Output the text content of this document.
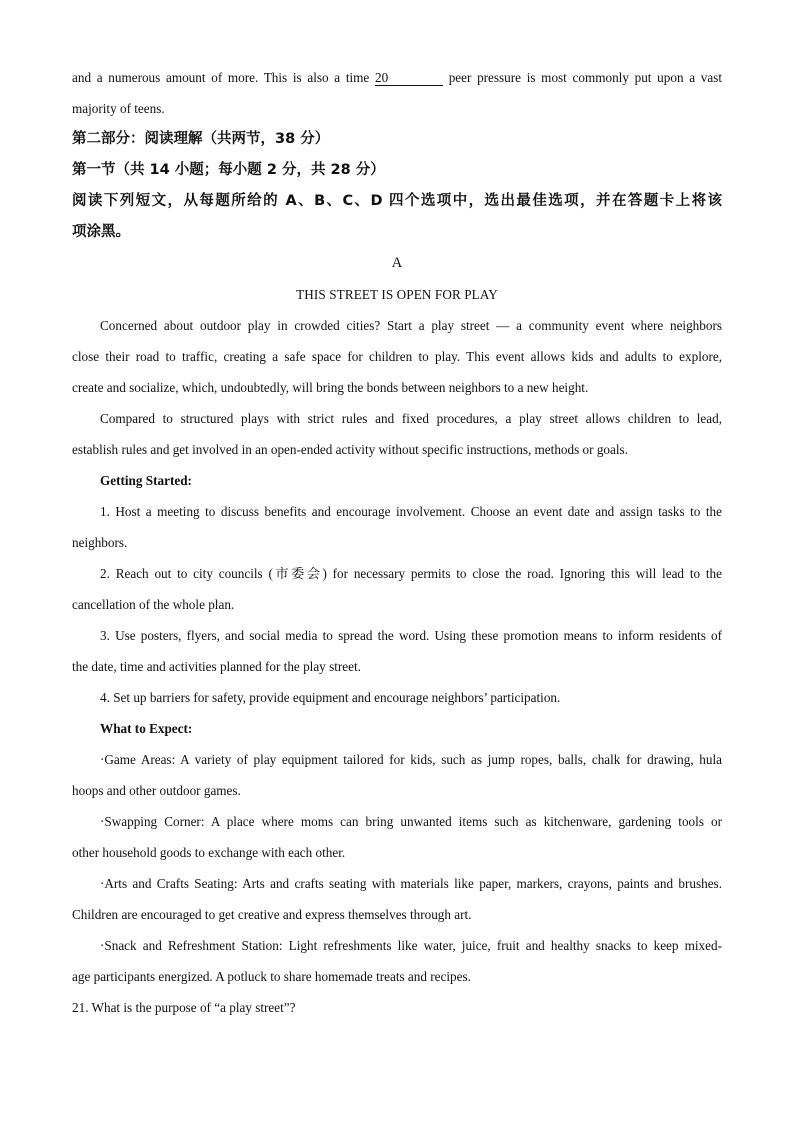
and a numerous amount of more. This is also a time 20	peer pressure is most commonly put upon a vast
majority of teens.
第二部分：阅读理解（共两节，38 分）
第一节（共 14 小题；每小题 2 分，共 28 分）
阅读下列短文，从每题所给的 A、B、C、D 四个选项中，选出最佳选项，并在答题卡上将该
项涂黑。
A
THIS STREET IS OPEN FOR PLAY
Concerned about outdoor play in crowded cities? Start a play street — a community event where neighbors
close their road to traffic, creating a safe space for children to play. This event allows kids and adults to explore,
create and socialize, which, undoubtedly, will bring the bonds between neighbors to a new height.
Compared to structured plays with strict rules and fixed procedures, a play street allows children to lead,
establish rules and get involved in an open-ended activity without specific instructions, methods or goals.
Getting Started:
1. Host a meeting to discuss benefits and encourage involvement. Choose an event date and assign tasks to the
neighbors.
2. Reach out to city councils (市委会) for necessary permits to close the road. Ignoring this will lead to the
cancellation of the whole plan.
3. Use posters, flyers, and social media to spread the word. Using these promotion means to inform residents of
the date, time and activities planned for the play street.
4. Set up barriers for safety, provide equipment and encourage neighbors’ participation.
What to Expect:
·Game Areas: A variety of play equipment tailored for kids, such as jump ropes, balls, chalk for drawing, hula
hoops and other outdoor games.
·Swapping Corner: A place where moms can bring unwanted items such as kitchenware, gardening tools or
other household goods to exchange with each other.
·Arts and Crafts Seating: Arts and crafts seating with materials like paper, markers, crayons, paints and brushes.
Children are encouraged to get creative and express themselves through art.
·Snack and Refreshment Station: Light refreshments like water, juice, fruit and healthy snacks to keep mixed-
age participants energized. A potluck to share homemade treats and recipes.
21. What is the purpose of “a play street”?
